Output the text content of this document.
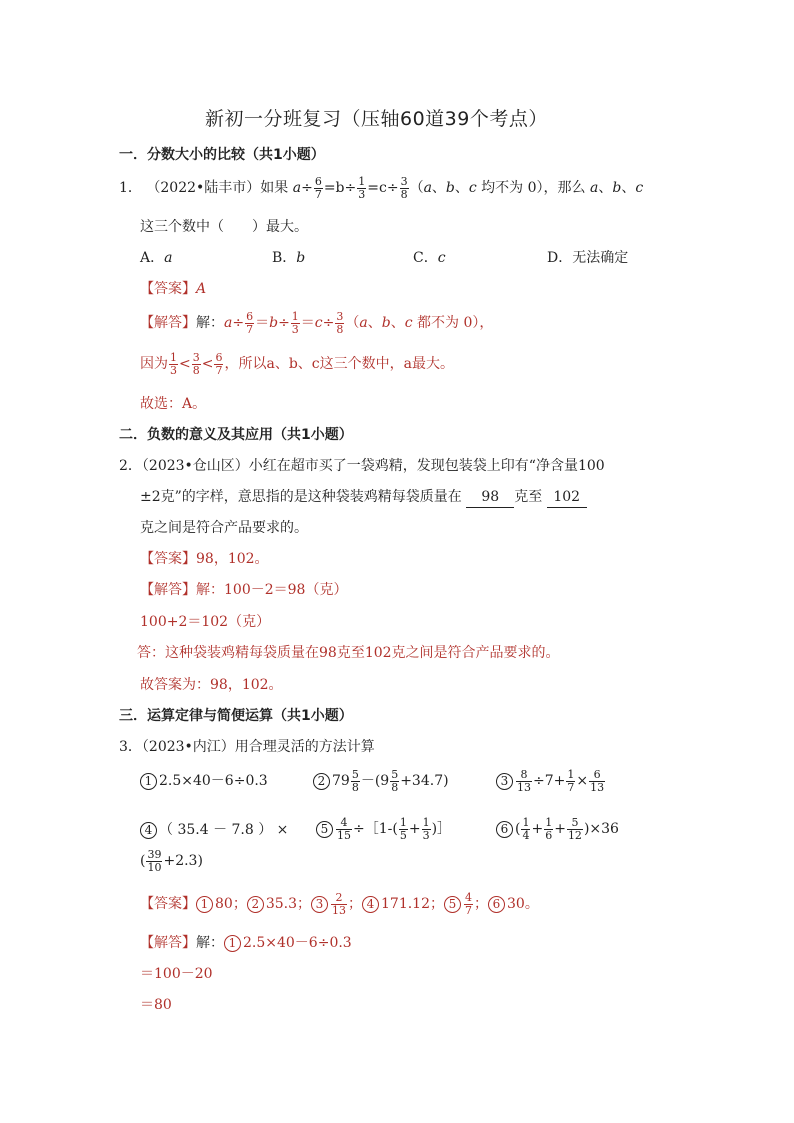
新初一分班复习（压轴60道39个考点）
一．分数大小的比较（共1小题）
1． （2022•陆丰市）如果 $a\div \frac{6}{7} =b\div \frac{1}{3} =c\div \frac{3}{8} (a$、b、c 均不为 0），那么 a、b、c
这三个数中（　　）最大。
A．a	B．b	C．c	D．无法确定
【答案】A
【解答】解：$a\div \frac{6}{7} =b\div \frac{1}{3} =c\div \frac{3}{8} (a$、b、c 都不为 0），
因为 $\frac{1}{3} < \frac{3}{8} < \frac{6}{7}$ ，所以a、b、c这三个数中，a最大。
故选：A。
二．负数的意义及其应用（共1小题）
2．（2023•仓山区）小红在超市买了一袋鸡精，发现包装袋上印有“净含量100
±2克”的字样，意思指的是这种袋装鸡精每袋质量在 98 克至 102
克之间是符合产品要求的。
【答案】98，102。
【解答】解：100－2＝98（克）
100+2＝102（克）
答：这种袋装鸡精每袋质量在98克至102克之间是符合产品要求的。
故答案为：98，102。
三．运算定律与简便运算（共1小题）
3．（2023•内江）用合理灵活的方法计算
1 2.5×40－6÷0.3	2 $79 \frac{5}{8} -(9 \frac{5}{8} +34.7)$	$3 \frac{8}{13} \div 7+ \frac{1}{7} \times \frac{6}{13}$
4 （ 35.4 － 7.8 ） ×	$5 \frac{4}{15}$ ÷［1-( $\frac{1}{5} + \frac{1}{3}$ )］	6 ( $\frac{1}{4} + \frac{1}{6} + \frac{5}{12} )\times 36$
( $\frac{39}{10} +2.3$)
【答案】 1 80； 2 35.3； $3 \frac{2}{13}$ ； 4 171.12； $5 \frac{4}{7}$ ； 6 30。
【解答】解： 1 2.5×40－6÷0.3
＝100－20
＝80
